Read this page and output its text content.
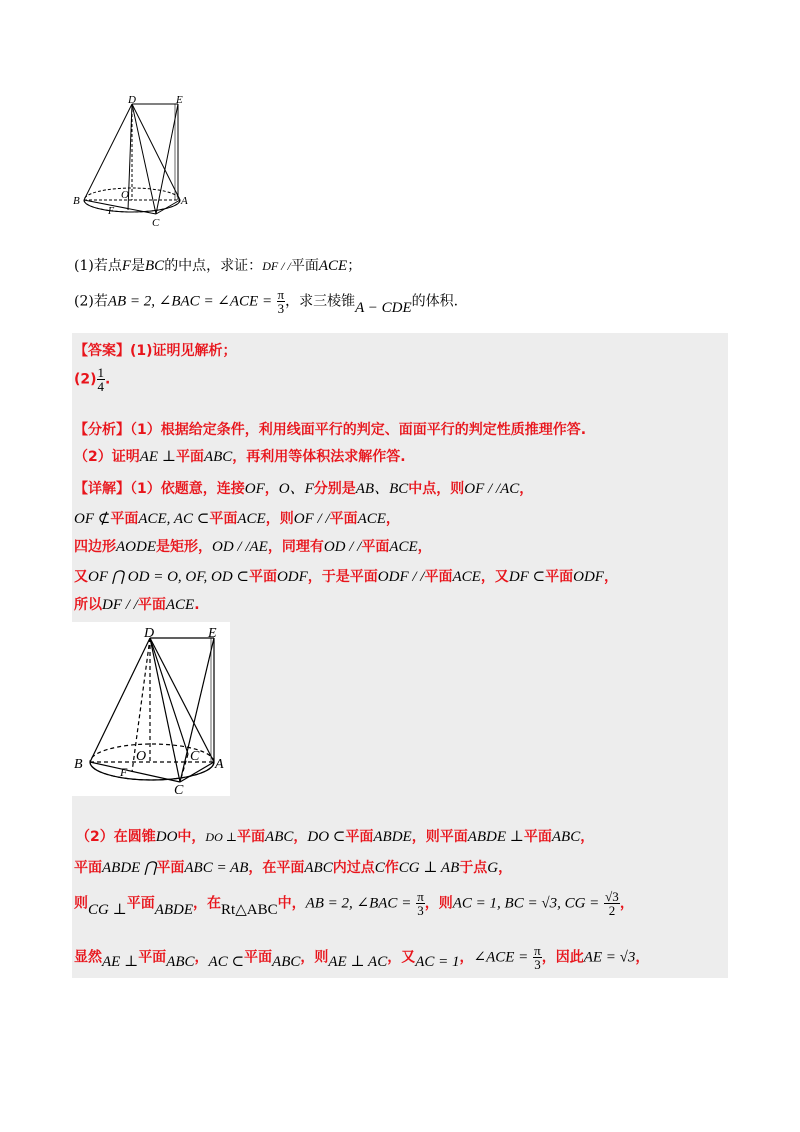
D	E
B	O
F
A
C
(1)若点F是BC的中点，求证：DF / /平面ACE；
(2)若AB = 2, ∠BAC = ∠ACE = $\frac{\pi}{3}$ ，求三棱锥A − CDE的体积.
【答案】(1)证明见解析；
$(2) \frac{1}{4}$ .
【分析】（1）根据给定条件，利用线面平行的判定、面面平行的判定性质推理作答.
（2）证明AE ⊥平面ABC，再利用等体积法求解作答.
【详解】（1）依题意，连接OF，O、F分别是AB、BC中点，则OF / /AC，
OF ⊄平面ACE, AC ⊂平面ACE，则OF / /平面ACE，
四边形AODE是矩形，OD / /AE，同理有OD / /平面ACE，
又OF ⋂ OD = O, OF, OD ⊂平面ODF，于是平面ODF / /平面ACE，又DF ⊂平面ODF，
所以DF / /平面ACE.
D	E
B
O
F
C
A
C
（2）在圆锥DO中，DO ⊥平面ABC，DO ⊂平面ABDE，则平面ABDE ⊥平面ABC，
平面ABDE ⋂平面ABC = AB，在平面ABC内过点C作CG ⊥ AB于点G，
则CG ⊥平面ABDE，在Rt△ABC中，AB = 2, ∠BAC = $\frac{\pi}{3}$ ，则AC = 1, BC = √3, CG = $\frac{√3}{2}$ ，
显然AE ⊥平面ABC，AC ⊂平面ABC，则AE ⊥ AC，又AC = 1，∠ACE = $\frac{\pi}{3}$ ，因此AE = √3，
